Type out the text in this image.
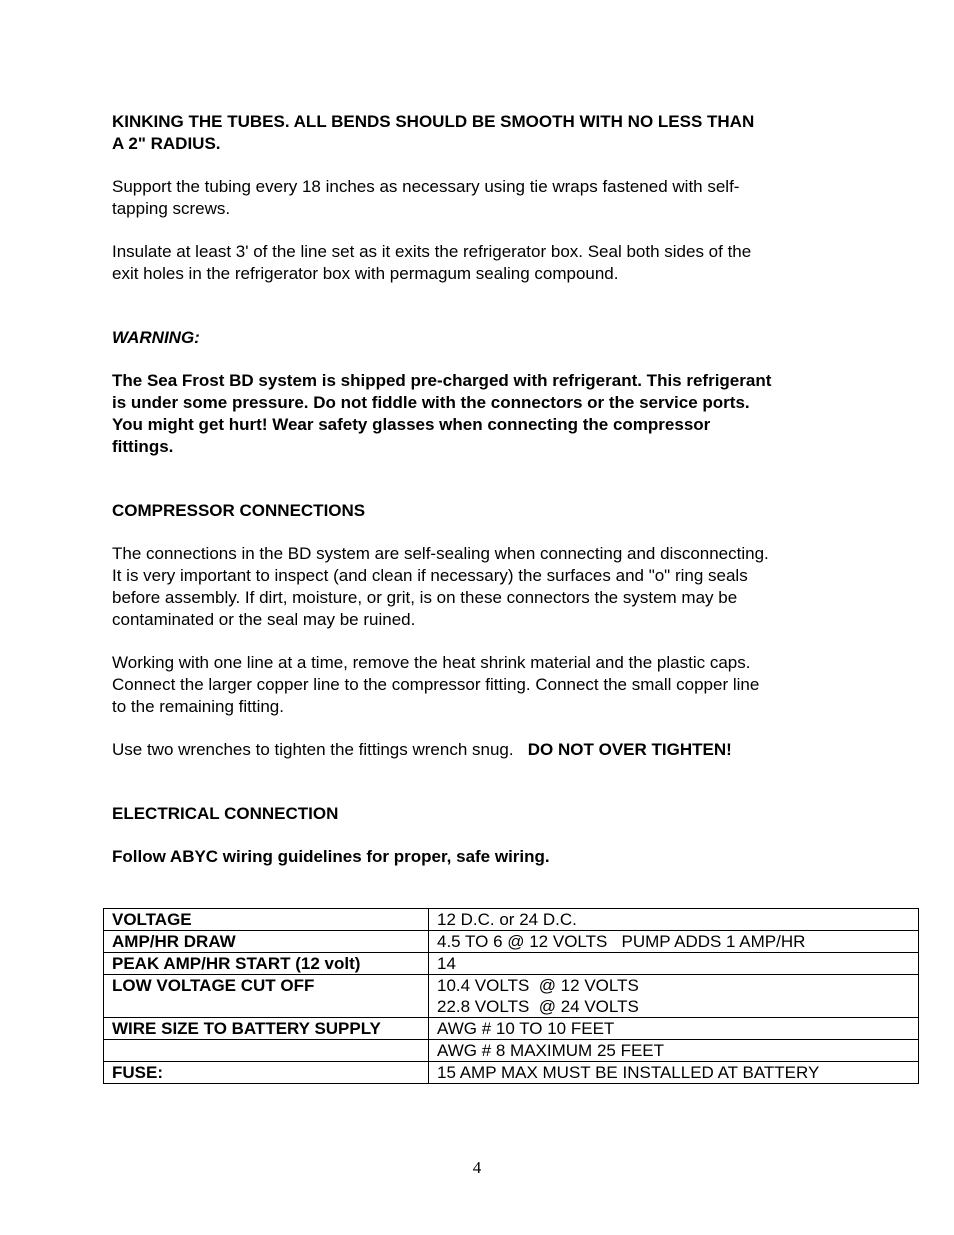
KINKING THE TUBES. ALL BENDS SHOULD BE SMOOTH WITH NO LESS THAN
A 2" RADIUS.

Support the tubing every 18 inches as necessary using tie wraps fastened with self-
tapping screws.

Insulate at least 3' of the line set as it exits the refrigerator box. Seal both sides of the
exit holes in the refrigerator box with permagum sealing compound.

WARNING:

The Sea Frost BD system is shipped pre-charged with refrigerant. This refrigerant
is under some pressure. Do not fiddle with the connectors or the service ports.
You might get hurt! Wear safety glasses when connecting the compressor
fittings.

COMPRESSOR CONNECTIONS

The connections in the BD system are self-sealing when connecting and disconnecting.
It is very important to inspect (and clean if necessary) the surfaces and "o" ring seals
before assembly. If dirt, moisture, or grit, is on these connectors the system may be
contaminated or the seal may be ruined.

Working with one line at a time, remove the heat shrink material and the plastic caps.
Connect the larger copper line to the compressor fitting. Connect the small copper line
to the remaining fitting.

Use two wrenches to tighten the fittings wrench snug.   DO NOT OVER TIGHTEN!

ELECTRICAL CONNECTION

Follow ABYC wiring guidelines for proper, safe wiring.

VOLTAGE	12 D.C. or 24 D.C.
AMP/HR DRAW	4.5 TO 6 @ 12 VOLTS   PUMP ADDS 1 AMP/HR
PEAK AMP/HR START (12 volt)	14
LOW VOLTAGE CUT OFF	10.4 VOLTS  @ 12 VOLTS
22.8 VOLTS  @ 24 VOLTS
WIRE SIZE TO BATTERY SUPPLY	AWG # 10 TO 10 FEET
	AWG # 8 MAXIMUM 25 FEET
FUSE:	15 AMP MAX MUST BE INSTALLED AT BATTERY
4
